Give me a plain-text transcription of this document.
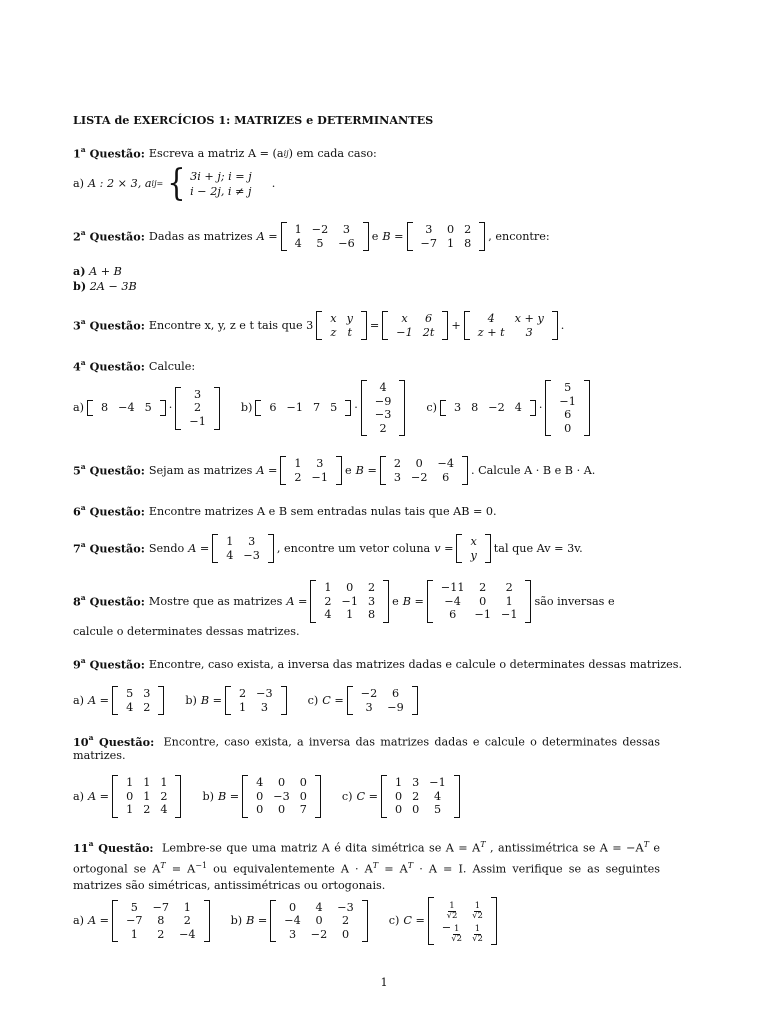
LISTA de EXERCÍCIOS 1: MATRIZES e DETERMINANTES
1$^a$ Questão: Escreva a matriz A = (a ij ) em cada caso:
a) A : 2 × 3, a ij= { 3i + j; i = j
i − 2j, i ≠ j
.
2$^a$ Questão: Dadas as matrizes A =
1	−2	3
4	5	−6
e B =
3	0	2
−7	1	8
, encontre:
a) A + B
b) 2A − 3B
3$^a$ Questão: Encontre x, y, z e t tais que 3
x	y
z	t
=
x	6
−1	2t
+
4	x + y
z + t	3
.
4$^a$ Questão: Calcule:
a) 8	−4	5 ·
3
2
−1
b) 6	−1	7	5 ·
4
−9
−3
2
c) 3	8	−2	4 ·
5
−1
6
0
5$^a$ Questão: Sejam as matrizes A =
1	3
2	−1
e B =
2	0	−4
3	−2	6
. Calcule A · B e B · A.
6$^a$ Questão: Encontre matrizes A e B sem entradas nulas tais que AB = 0.
7$^a$ Questão: Sendo A =
1	3
4	−3
, encontre um vetor coluna v =
x
y
tal que Av = 3v.
8$^a$ Questão: Mostre que as matrizes A =
1	0	2
2	−1	3
4	1	8
e B =
−11	2	2
−4	0	1
6	−1	−1
são inversas e
calcule o determinates dessas matrizes.
9$^a$ Questão: Encontre, caso exista, a inversa das matrizes dadas e calcule o determinates dessas matrizes.
a) A =
5	3
4	2
b) B =
2	−3
1	3
c) C =
−2	6
3	−9
10$^a$ Questão: Encontre, caso exista, a inversa das matrizes dadas e calcule o determinates dessas matrizes.
a) A =
1	1	1
0	1	2
1	2	4
b) B =
4	0	0
0	−3	0
0	0	7
c) C =
1	3	−1
0	2	4
0	0	5
11$^a$ Questão: Lembre-se que uma matriz A é dita simétrica se $A = A^T$ , antissimétrica se $A = -A^T$ e ortogonal se $A^T = A^{-1}$ ou equivalentemente $A \cdot A^T = A^T \cdot A = I$. Assim verifique se as seguintes matrizes são simétricas, antissimétricas ou ortogonais.
a) A =
5	−7	1
−7	8	2
1	2	−4
b) B =
0	4	−3
−4	0	2
3	−2	0
c) C =	$\frac{1}{√2}$	$\frac{1}{√2}$

− $\frac{1}{√2}$	$\frac{1}{√2}$
1
